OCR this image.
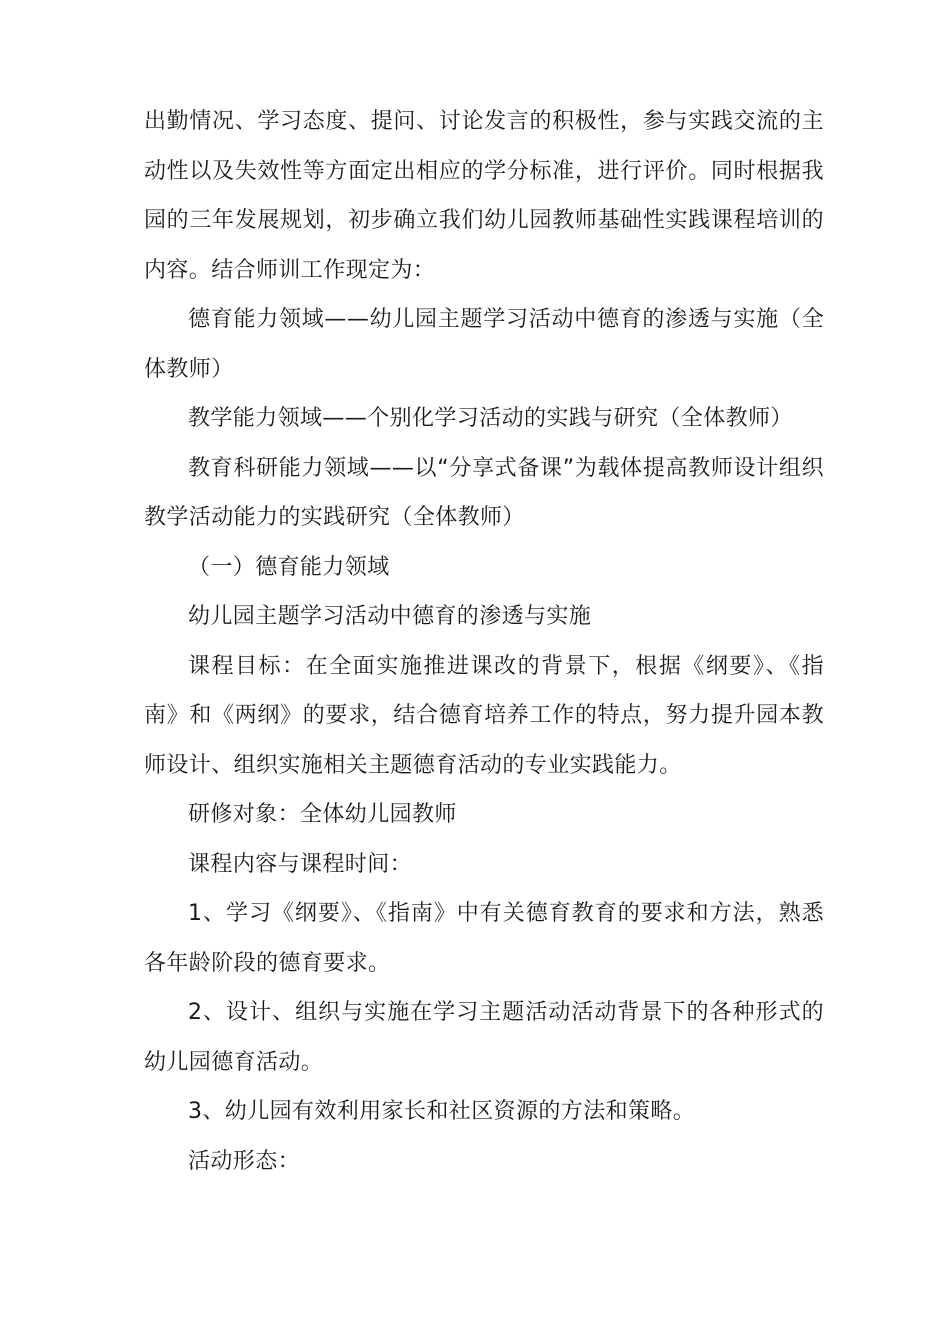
出勤情况、学习态度、提问、讨论发言的积极性，参与实践交流的主动性以及失效性等方面定出相应的学分标准，进行评价。同时根据我园的三年发展规划，初步确立我们幼儿园教师基础性实践课程培训的内容。结合师训工作现定为：

德育能力领域——幼儿园主题学习活动中德育的渗透与实施（全体教师）

教学能力领域——个别化学习活动的实践与研究（全体教师）

教育科研能力领域——以“分享式备课”为载体提高教师设计组织教学活动能力的实践研究（全体教师）

（一）德育能力领域

幼儿园主题学习活动中德育的渗透与实施

课程目标：在全面实施推进课改的背景下，根据《纲要》、《指南》和《两纲》的要求，结合德育培养工作的特点，努力提升园本教师设计、组织实施相关主题德育活动的专业实践能力。

研修对象：全体幼儿园教师

课程内容与课程时间：

1、学习《纲要》、《指南》中有关德育教育的要求和方法，熟悉各年龄阶段的德育要求。

2、设计、组织与实施在学习主题活动活动背景下的各种形式的幼儿园德育活动。

3、幼儿园有效利用家长和社区资源的方法和策略。

活动形态：
